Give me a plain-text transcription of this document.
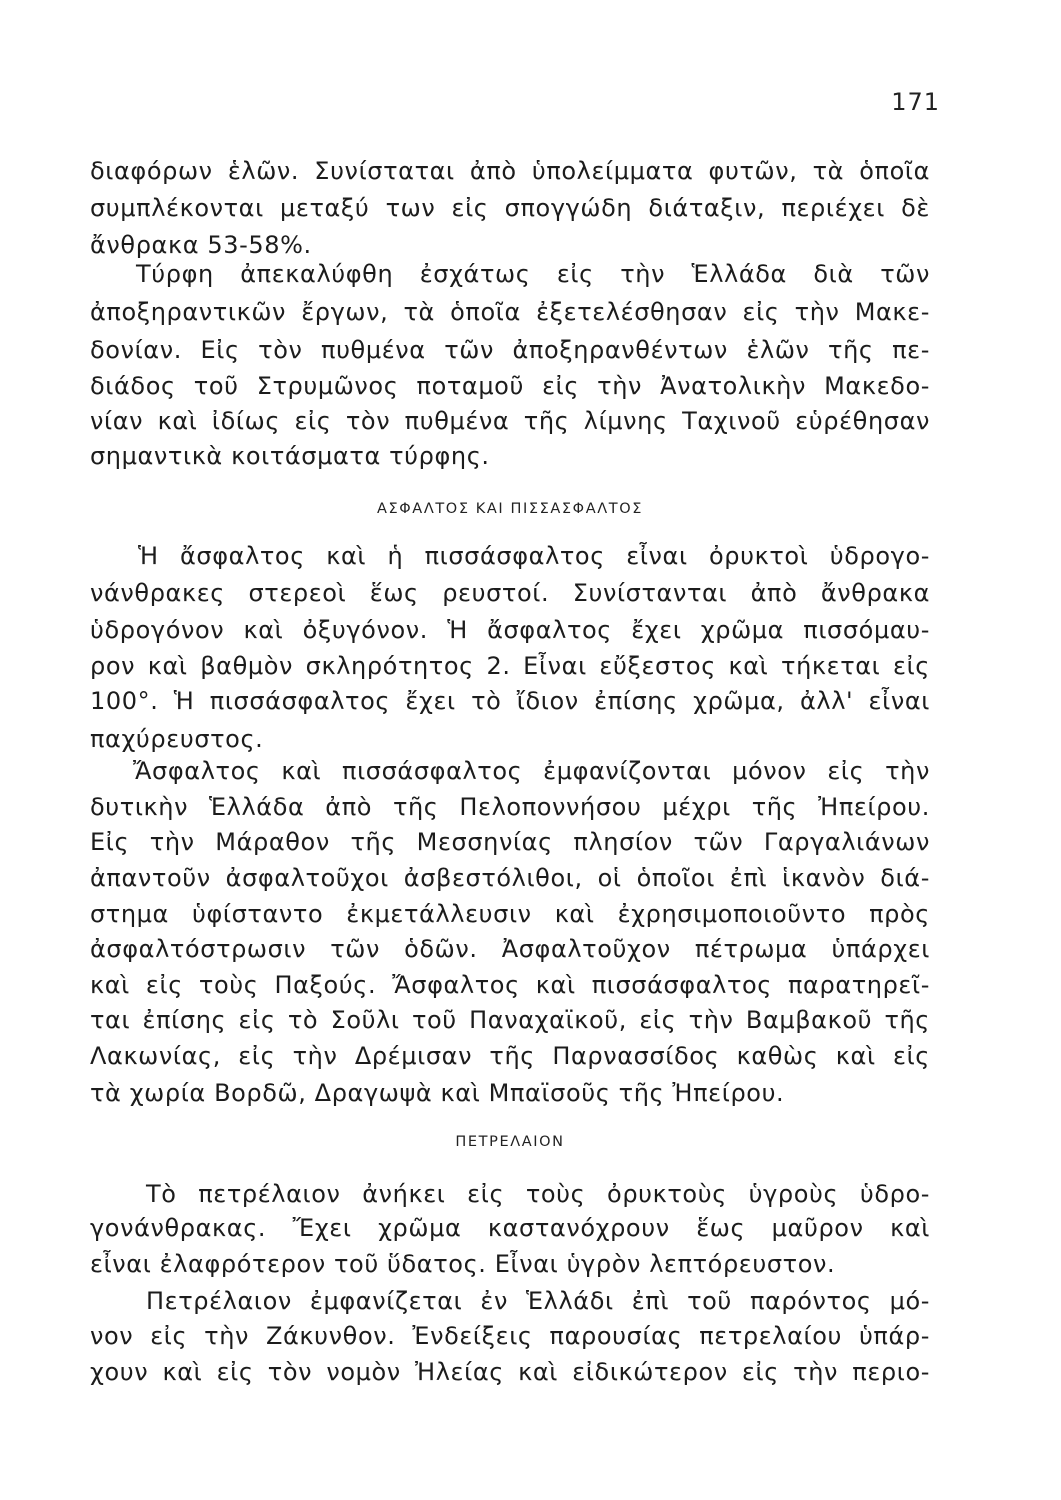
171
διαφόρων ἑλῶν. Συνίσταται ἀπὸ ὑπολείμματα φυτῶν, τὰ ὁποῖα
συμπλέκονται μεταξύ των εἰς σπογγώδη διάταξιν, περιέχει δὲ
ἄνθρακα 53-58%.
Τύρφη ἀπεκαλύφθη ἐσχάτως εἰς τὴν Ἑλλάδα διὰ τῶν
ἀποξηραντικῶν ἔργων, τὰ ὁποῖα ἐξετελέσθησαν εἰς τὴν Μακε-
δονίαν. Εἰς τὸν πυθμένα τῶν ἀποξηρανθέντων ἑλῶν τῆς πε-
διάδος τοῦ Στρυμῶνος ποταμοῦ εἰς τὴν Ἀνατολικὴν Μακεδο-
νίαν καὶ ἰδίως εἰς τὸν πυθμένα τῆς λίμνης Ταχινοῦ εὑρέθησαν
σημαντικὰ κοιτάσματα τύρφης.
ΑΣΦΑΛΤΟΣ ΚΑΙ ΠΙΣΣΑΣΦΑΛΤΟΣ
Ἡ ἄσφαλτος καὶ ἡ πισσάσφαλτος εἶναι ὀρυκτοὶ ὑδρογο-
νάνθρακες στερεοὶ ἕως ρευστοί. Συνίστανται ἀπὸ ἄνθρακα
ὑδρογόνον καὶ ὀξυγόνον. Ἡ ἄσφαλτος ἔχει χρῶμα πισσόμαυ-
ρον καὶ βαθμὸν σκληρότητος 2. Εἶναι εὔξεστος καὶ τήκεται εἰς
100°. Ἡ πισσάσφαλτος ἔχει τὸ ἴδιον ἐπίσης χρῶμα, ἀλλ' εἶναι
παχύρευστος.
Ἄσφαλτος καὶ πισσάσφαλτος ἐμφανίζονται μόνον εἰς τὴν
δυτικὴν Ἑλλάδα ἀπὸ τῆς Πελοποννήσου μέχρι τῆς Ἠπείρου.
Εἰς τὴν Μάραθον τῆς Μεσσηνίας πλησίον τῶν Γαργαλιάνων
ἀπαντοῦν ἀσφαλτοῦχοι ἀσβεστόλιθοι, οἱ ὁποῖοι ἐπὶ ἱκανὸν διά-
στημα ὑφίσταντο ἐκμετάλλευσιν καὶ ἐχρησιμοποιοῦντο πρὸς
ἀσφαλτόστρωσιν τῶν ὁδῶν. Ἀσφαλτοῦχον πέτρωμα ὑπάρχει
καὶ εἰς τοὺς Παξούς. Ἄσφαλτος καὶ πισσάσφαλτος παρατηρεῖ-
ται ἐπίσης εἰς τὸ Σοῦλι τοῦ Παναχαϊκοῦ, εἰς τὴν Βαμβακοῦ τῆς
Λακωνίας, εἰς τὴν Δρέμισαν τῆς Παρνασσίδος καθὼς καὶ εἰς
τὰ χωρία Βορδῶ, Δραγωψὰ καὶ Μπαϊσοῦς τῆς Ἠπείρου.
ΠΕΤΡΕΛΑΙΟΝ
Τὸ πετρέλαιον ἀνήκει εἰς τοὺς ὀρυκτοὺς ὑγροὺς ὑδρο-
γονάνθρακας. Ἔχει χρῶμα καστανόχρουν ἕως μαῦρον καὶ
εἶναι ἐλαφρότερον τοῦ ὕδατος. Εἶναι ὑγρὸν λεπτόρευστον.
Πετρέλαιον ἐμφανίζεται ἐν Ἑλλάδι ἐπὶ τοῦ παρόντος μό-
νον εἰς τὴν Ζάκυνθον. Ἐνδείξεις παρουσίας πετρελαίου ὑπάρ-
χουν καὶ εἰς τὸν νομὸν Ἠλείας καὶ εἰδικώτερον εἰς τὴν περιο-
